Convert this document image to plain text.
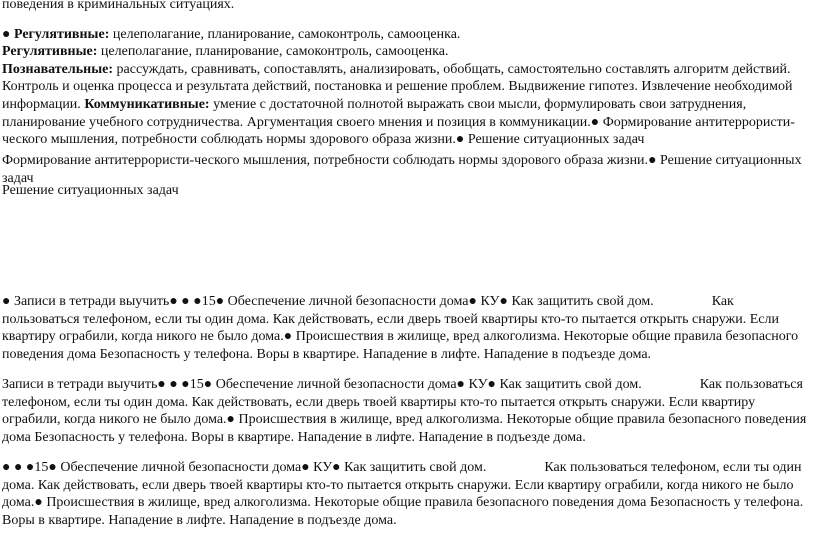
поведения в криминальных ситуациях.

● Регулятивные: целеполагание, планирование, самоконтроль, самооценка.

Регулятивные: целеполагание, планирование, самоконтроль, самооценка.

Познавательные: рассуждать, сравнивать, сопоставлять, анализировать, обобщать, самостоятельно составлять алгоритм действий. Контроль и оценка процесса и результата действий, постановка и решение проблем. Выдвижение гипотез. Извлечение необходимой информации. Коммуникативные: умение с достаточной полнотой выражать свои мысли, формулировать свои затруднения, планирование учебного сотрудничества. Аргументация своего мнения и позиция в коммуникации.● Формирование антитеррористи-ческого мышления, потребности соблюдать нормы здорового образа жизни.● Решение ситуационных задач

Формирование антитеррористи-ческого мышления, потребности соблюдать нормы здорового образа жизни.● Решение ситуационных задач

Решение ситуационных задач

● Записи в тетради выучить● ● ●15● Обеспечение личной безопасности дома● КУ● Как защитить свой дом.	Как пользоваться телефоном, если ты один дома. Как действовать, если дверь твоей квартиры кто-то пытается открыть снаружи. Если квартиру ограбили, когда никого не было дома.● Происшествия в жилище, вред алкоголизма. Некоторые общие правила безопасного поведения дома Безопасность у телефона. Воры в квартире. Нападение в лифте. Нападение в подъезде дома.

Записи в тетради выучить● ● ●15● Обеспечение личной безопасности дома● КУ● Как защитить свой дом.	Как пользоваться телефоном, если ты один дома. Как действовать, если дверь твоей квартиры кто-то пытается открыть снаружи. Если квартиру ограбили, когда никого не было дома.● Происшествия в жилище, вред алкоголизма. Некоторые общие правила безопасного поведения дома Безопасность у телефона. Воры в квартире. Нападение в лифте. Нападение в подъезде дома.

● ● ●15● Обеспечение личной безопасности дома● КУ● Как защитить свой дом.	Как пользоваться телефоном, если ты один дома. Как действовать, если дверь твоей квартиры кто-то пытается открыть снаружи. Если квартиру ограбили, когда никого не было дома.● Происшествия в жилище, вред алкоголизма. Некоторые общие правила безопасного поведения дома Безопасность у телефона. Воры в квартире. Нападение в лифте. Нападение в подъезде дома.
